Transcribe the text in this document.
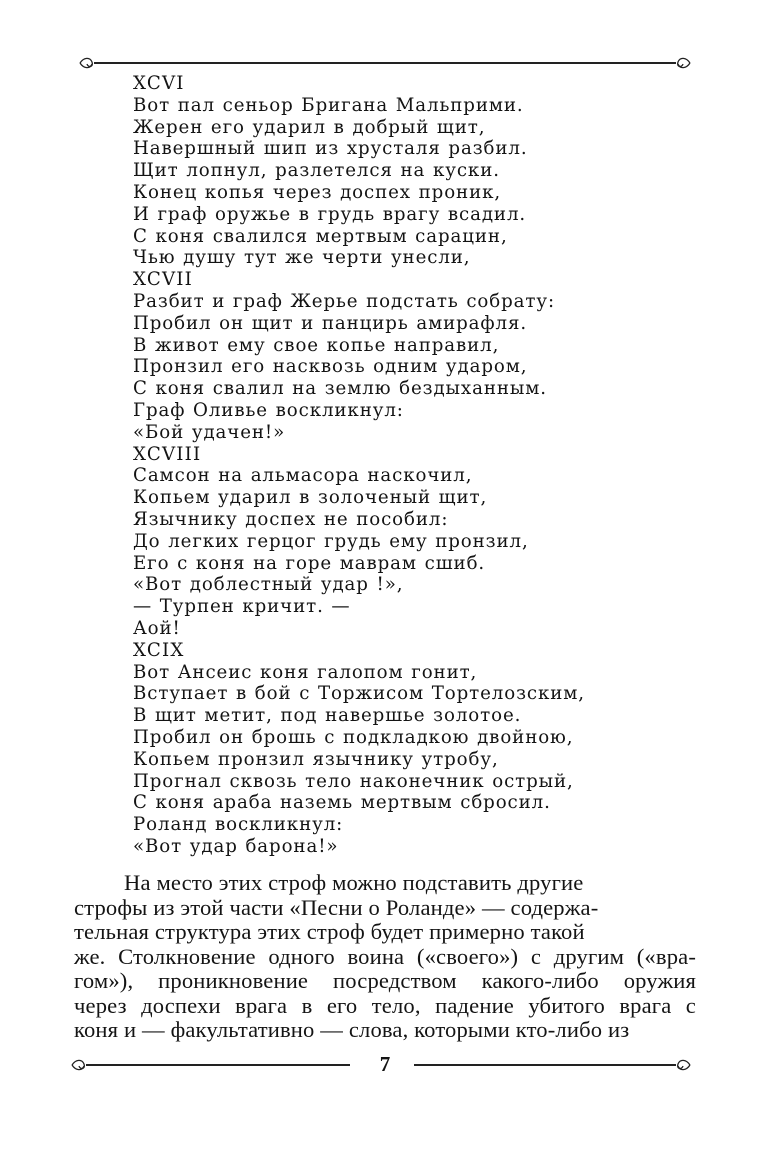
XCVI
Вот пал сеньор Бригана Мальприми.
Жерен его ударил в добрый щит,
Навершный шип из хрусталя разбил.
Щит лопнул, разлетелся на куски.
Конец копья через доспех проник,
И граф оружье в грудь врагу всадил.
С коня свалился мертвым сарацин,
Чью душу тут же черти унесли,
XCVII
Разбит и граф Жерье подстать собрату:
Пробил он щит и панцирь амирафля.
В живот ему свое копье направил,
Пронзил его насквозь одним ударом,
С коня свалил на землю бездыханным.
Граф Оливье воскликнул:
«Бой удачен!»
XCVIII
Самсон на альмасора наскочил,
Копьем ударил в золоченый щит,
Язычнику доспех не пособил:
До легких герцог грудь ему пронзил,
Его с коня на горе маврам сшиб.
«Вот доблестный удар !»,
— Турпен кричит. —
Аой!
XCIX
Вот Ансеис коня галопом гонит,
Вступает в бой с Торжисом Тортелозским,
В щит метит, под навершье золотое.
Пробил он брошь с подкладкою двойною,
Копьем пронзил язычнику утробу,
Прогнал сквозь тело наконечник острый,
С коня араба наземь мертвым сбросил.
Роланд воскликнул:
«Вот удар барона!»
На место этих строф можно подставить другие
строфы из этой части «Песни о Роланде» — содержа-
тельная структура этих строф будет примерно такой
же. Столкновение одного воина («своего») с другим («вра-
гом»), проникновение посредством какого-либо оружия
через доспехи врага в его тело, падение убитого врага с
коня и — факультативно — слова, которыми кто-либо из
7
